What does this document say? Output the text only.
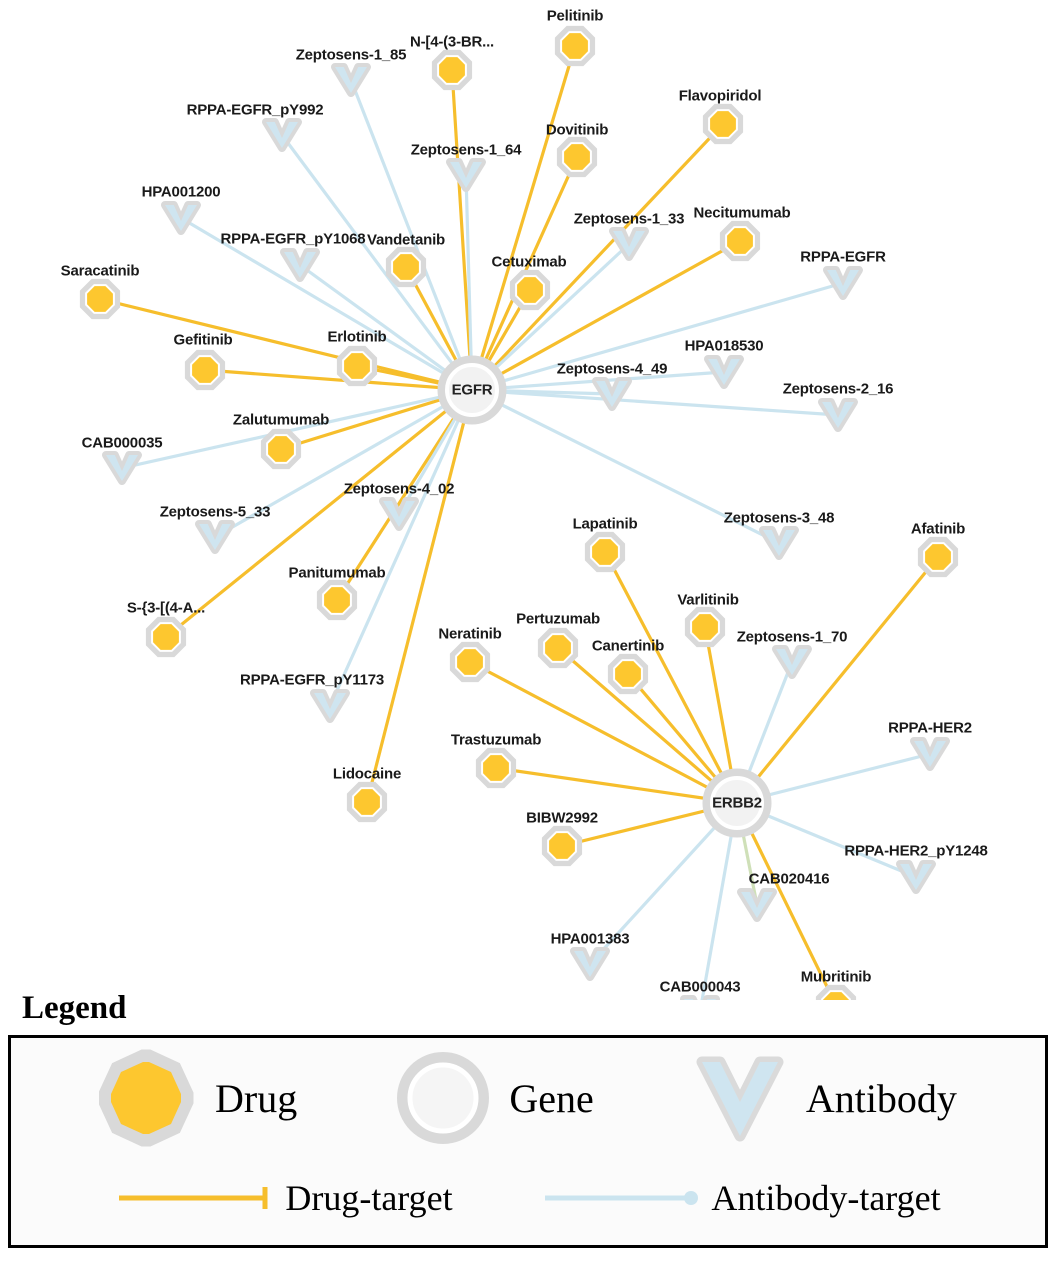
Pelitinib
N-[4-(3-BR...
Flavopiridol
Dovitinib
Necitumumab
Vandetanib
Cetuximab
Saracatinib
Gefitinib	Erlotinib
Zalutumumab
Lapatinib	Afatinib
Panitumumab
Varlitinib
S-{3-[(4-A...
Pertuzumab
Neratinib
Canertinib
Trastuzumab
Lidocaine
BIBW2992
Mubritinib
Zeptosens-1_85
RPPA-EGFR_pY992
Zeptosens-1_64
HPA001200
Zeptosens-1_33
RPPA-EGFR_pY1068
RPPA-EGFR
HPA018530
Zeptosens-4_49
Zeptosens-2_16
CAB000035
Zeptosens-4_02
Zeptosens-5_33	Zeptosens-3_48
Zeptosens-1_70
RPPA-EGFR_pY1173
RPPA-HER2
RPPA-HER2_pY1248
CAB020416
HPA001383
CAB000043
EGFR
ERBB2
Legend
Drug	Gene	Antibody
Drug-target	Antibody-target
